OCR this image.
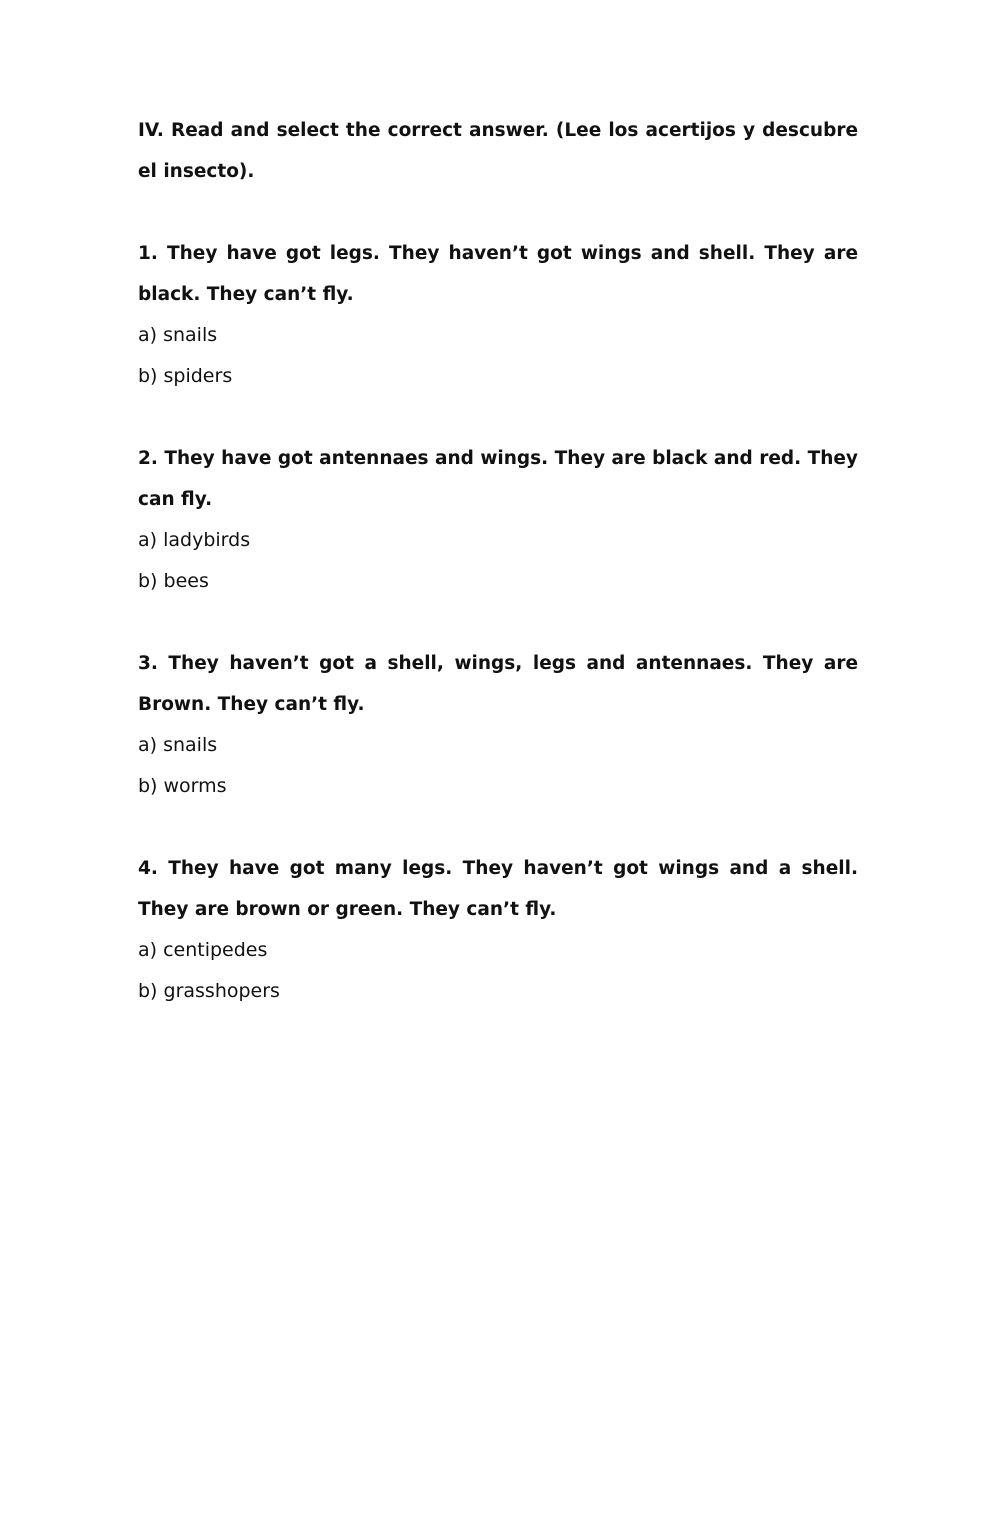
IV. Read and select the correct answer. (Lee los acertijos y descubre el insecto).

1. They have got legs. They haven’t got wings and shell. They are black. They can’t fly.

a) snails

b) spiders

2. They have got antennaes and wings. They are black and red. They can fly.

a) ladybirds

b) bees

3. They haven’t got a shell, wings, legs and antennaes. They are Brown. They can’t fly.

a) snails

b) worms

4. They have got many legs. They haven’t got wings and a shell. They are brown or green. They can’t fly.

a) centipedes

b) grasshopers
